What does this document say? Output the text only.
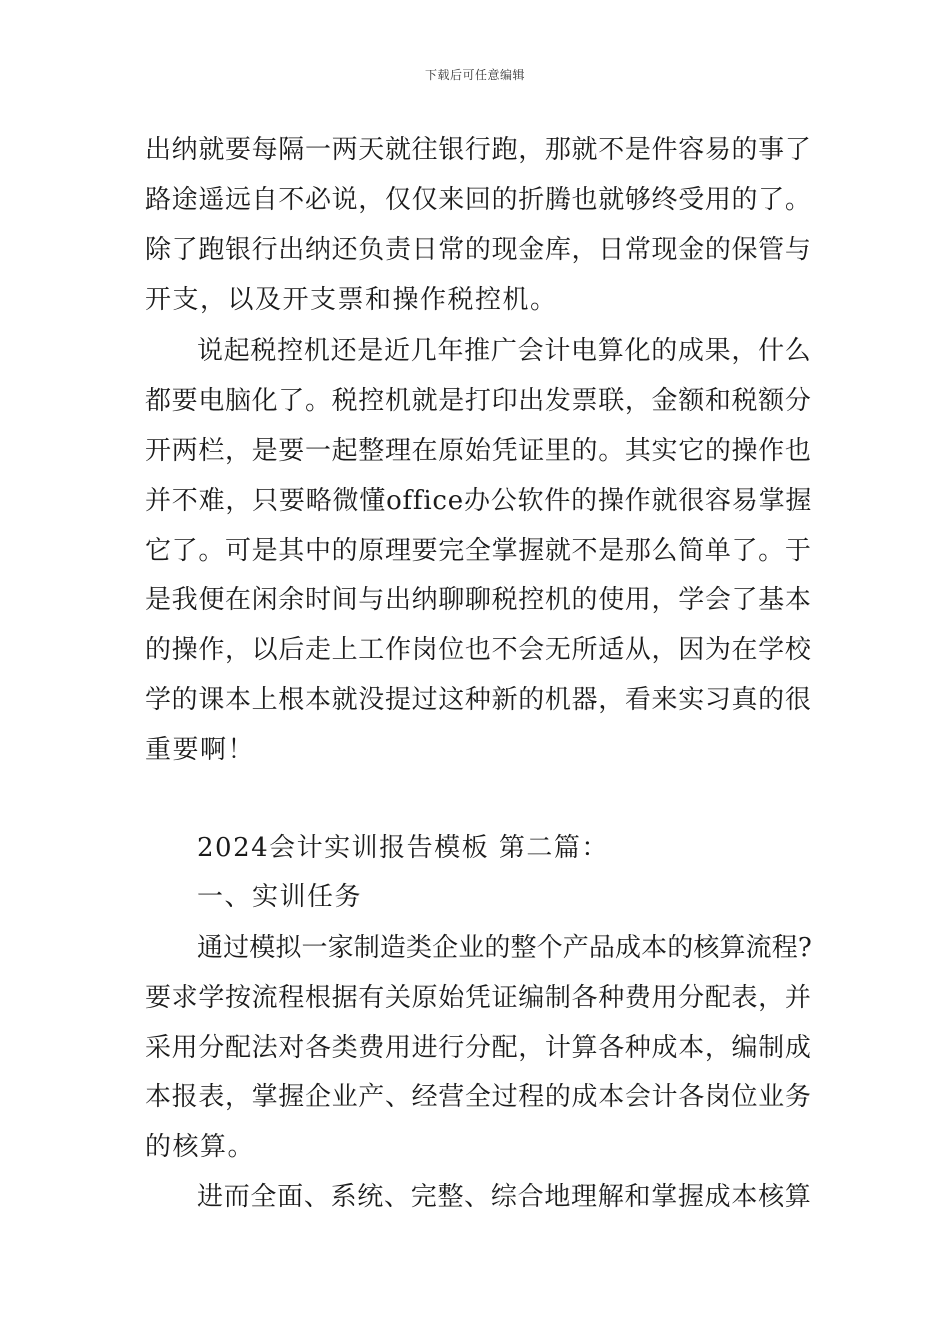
下载后可任意编辑
出纳就要每隔一两天就往银行跑，那就不是件容易的事了
路途遥远自不必说，仅仅来回的折腾也就够终受用的了。
除了跑银行出纳还负责日常的现金库，日常现金的保管与
开支，以及开支票和操作税控机。
说起税控机还是近几年推广会计电算化的成果，什么
都要电脑化了。税控机就是打印出发票联，金额和税额分
开两栏，是要一起整理在原始凭证里的。其实它的操作也
并不难，只要略微懂office办公软件的操作就很容易掌握
它了。可是其中的原理要完全掌握就不是那么简单了。于
是我便在闲余时间与出纳聊聊税控机的使用，学会了基本
的操作，以后走上工作岗位也不会无所适从，因为在学校
学的课本上根本就没提过这种新的机器，看来实习真的很
重要啊！
2024会计实训报告模板 第二篇：
一、实训任务
通过模拟一家制造类企业的整个产品成本的核算流程?
要求学按流程根据有关原始凭证编制各种费用分配表，并
采用分配法对各类费用进行分配，计算各种成本，编制成
本报表，掌握企业产、经营全过程的成本会计各岗位业务
的核算。
进而全面、系统、完整、综合地理解和掌握成本核算
